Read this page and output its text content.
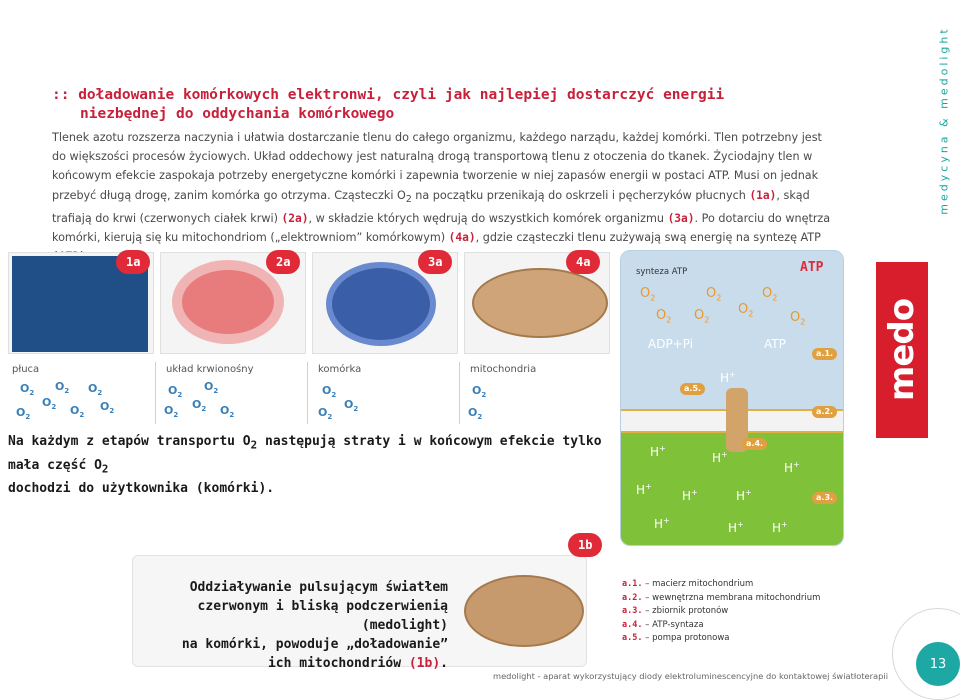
medycyna & medolight
:: doładowanie komórkowych elektronwi, czyli jak najlepiej dostarczyć energii
niezbędnej do oddychania komórkowego
Tlenek azotu rozszerza naczynia i ułatwia dostarczanie tlenu do całego organizmu, każdego narządu, każdej komórki. Tlen potrzebny jest do większości procesów życiowych. Układ oddechowy jest naturalną drogą transportową tlenu z otoczenia do tkanek. Życiodajny tlen w końcowym efekcie zaspokaja potrzeby energetyczne komórki i zapewnia tworzenie w niej zapasów energii w postaci ATP. Musi on jednak przebyć długą drogę, zanim komórka go otrzyma. Cząsteczki $O_2$ na początku przenikają do oskrzeli i pęcherzyków płucnych (1a), skąd trafiają do krwi (czerwonych ciałek krwi) (2a), w składzie których wędrują do wszystkich komórek organizmu (3a). Po dotarciu do wnętrza komórki, kierują się ku mitochondriom („elektrowniom” komórkowym) (4a), gdzie cząsteczki tlenu zużywają swą energię na syntezę ATP
1a	2a	3a	4a
płuca	układ krwionośny	komórka	mitochondria
$O_2$
$O_2$ $O_2$
$O_2$
$O_2$
$O_2$
$O_2$
$O_2$
$O_2$
$O_2$
$O_2$	$O_2$
$O_2$
$O_2$
$O_2$
$O_2$
$O_2$
Na każdym z etapów transportu $O_2$ następują straty i w końcowym efekcie tylko mała część $O_2$
dochodzi do użytkownika (komórki).
synteza ATP	ATP
$O_2$	$O_2$	$O_2$
$O_2$ $O_2$
$O_2$	$O_2$
ADP+Pi	ATP
H+
H+
H+
H+
H+
H+	H+
H+
H+ H+
a.1.
a.2.
a.3.
a.4.
a.5.	medo
1b
Oddziaływanie pulsującym światłem
czerwonym i bliską podczerwienią (medolight)
na komórki, powoduje „doładowanie”
ich mitochondriów (1b).
a.1. – macierz mitochondrium
a.2. – wewnętrzna membrana mitochondrium
a.3. – zbiornik protonów
a.4. – ATP-syntaza
a.5. – pompa protonowa
medolight - aparat wykorzystujący diody elektroluminescencyjne do kontaktowej światłoterapii
13
